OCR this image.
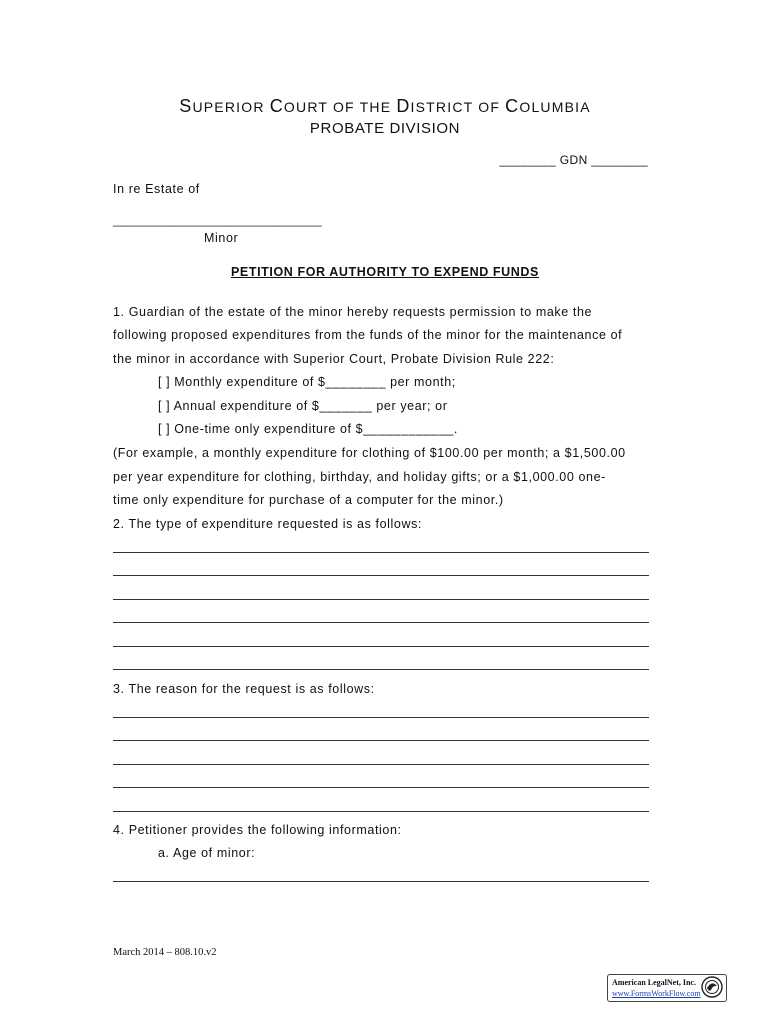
SUPERIOR COURT OF THE DISTRICT OF COLUMBIA
PROBATE DIVISION
________ GDN ________
In re Estate of
______________________________
Minor
PETITION FOR AUTHORITY TO EXPEND FUNDS
1. Guardian of the estate of the minor hereby requests permission to make the
following proposed expenditures from the funds of the minor for the maintenance of
the minor in accordance with Superior Court, Probate Division Rule 222:
[ ] Monthly expenditure of $________ per month;
[ ] Annual expenditure of $_______ per year; or
[ ] One-time only expenditure of $____________.
(For example, a monthly expenditure for clothing of $100.00 per month; a $1,500.00
per year expenditure for clothing, birthday, and holiday gifts; or a $1,000.00 one-
time only expenditure for purchase of a computer for the minor.)
2. The type of expenditure requested is as follows:
3. The reason for the request is as follows:
4. Petitioner provides the following information:
a. Age of minor:
March 2014 – 808.10.v2
American LegalNet, Inc.
www.FormsWorkFlow.com
